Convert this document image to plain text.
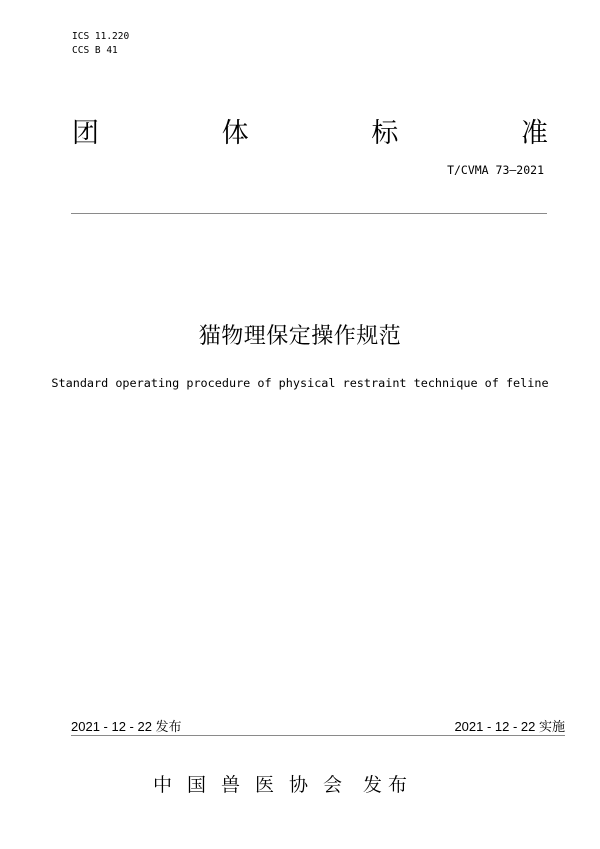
ICS 11.220
CCS B 41
团	体	标	准
T/CVMA 73—2021
猫物理保定操作规范
Standard operating procedure of physical restraint technique of feline
2021 - 12 - 22 发布	2021 - 12 - 22 实施
中国兽医协会 发布
